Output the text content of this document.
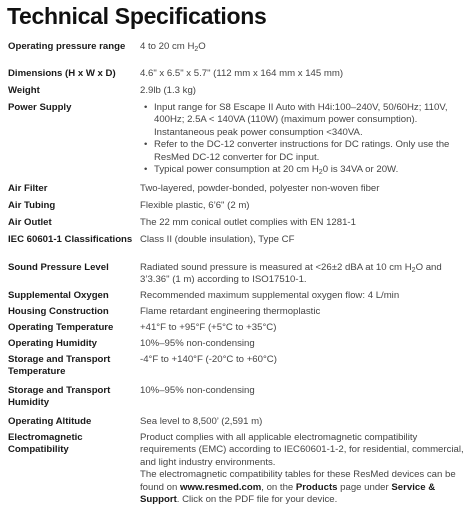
Technical Specifications
Operating pressure range	4 to 20 cm $H_2O$
Dimensions (H x W x D)	4.6" x 6.5" x 5.7" (112 mm x 164 mm x 145 mm)
Weight	2.9lb (1.3 kg)
Power Supply
•	Input range for S8 Escape II Auto with H4i:100–240V, 50/60Hz; 110V, 400Hz; 2.5A < 140VA (110W) (maximum power consumption). Instantaneous peak power consumption <340VA.
• Refer to the DC-12 converter instructions for DC ratings. Only use the ResMed DC-12 converter for DC input.
• Typical power consumption at 20 cm $H_20$ is 34VA or 20W.
Air Filter	Two-layered, powder-bonded, polyester non-woven fiber
Air Tubing	Flexible plastic, 6’6" (2 m)
Air Outlet	The 22 mm conical outlet complies with EN 1281-1
IEC 60601-1 Classifications Class II (double insulation), Type CF
Sound Pressure Level	Radiated sound pressure is measured at <26±2 dBA at 10 cm $H_2O$ and 3’3.36" (1 m) according to ISO17510-1.
Supplemental Oxygen	Recommended maximum supplemental oxygen flow: 4 L/min
Housing Construction	Flame retardant engineering thermoplastic
Operating Temperature	+41°F to +95°F (+5°C to +35°C)
Operating Humidity	10%–95% non-condensing
Storage and Transport Temperature
-4°F to +140°F (-20°C to +60°C)
Storage and Transport Humidity
10%–95% non-condensing
Operating Altitude	Sea level to 8,500’ (2,591 m)
Electromagnetic Compatibility
Product complies with all applicable electromagnetic compatibility requirements (EMC) according to IEC60601-1-2, for residential, commercial, and light industry environments.
The electromagnetic compatibility tables for these ResMed devices can be found on www.resmed.com, on the Products page under Service & Support. Click on the PDF file for your device.
